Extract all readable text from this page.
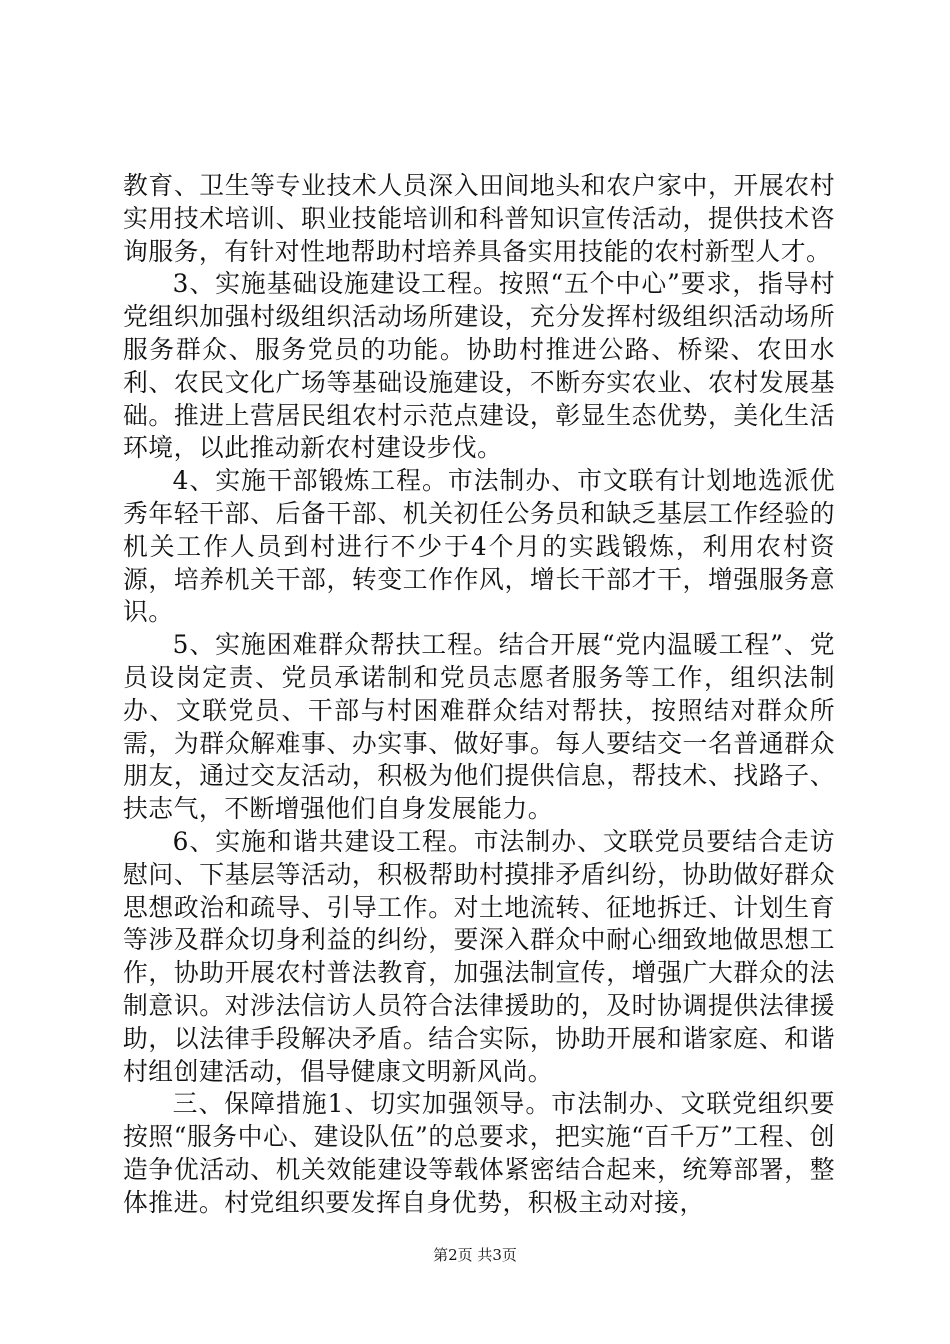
教育、卫生等专业技术人员深入田间地头和农户家中，开展农村实用技术培训、职业技能培训和科普知识宣传活动，提供技术咨询服务，有针对性地帮助村培养具备实用技能的农村新型人才。

3、实施基础设施建设工程。按照“五个中心”要求，指导村党组织加强村级组织活动场所建设，充分发挥村级组织活动场所服务群众、服务党员的功能。协助村推进公路、桥梁、农田水利、农民文化广场等基础设施建设，不断夯实农业、农村发展基础。推进上营居民组农村示范点建设，彰显生态优势，美化生活环境，以此推动新农村建设步伐。

4、实施干部锻炼工程。市法制办、市文联有计划地选派优秀年轻干部、后备干部、机关初任公务员和缺乏基层工作经验的机关工作人员到村进行不少于4个月的实践锻炼，利用农村资源，培养机关干部，转变工作作风，增长干部才干，增强服务意识。

5、实施困难群众帮扶工程。结合开展“党内温暖工程”、党员设岗定责、党员承诺制和党员志愿者服务等工作，组织法制办、文联党员、干部与村困难群众结对帮扶，按照结对群众所需，为群众解难事、办实事、做好事。每人要结交一名普通群众朋友，通过交友活动，积极为他们提供信息，帮技术、找路子、扶志气，不断增强他们自身发展能力。

6、实施和谐共建设工程。市法制办、文联党员要结合走访慰问、下基层等活动，积极帮助村摸排矛盾纠纷，协助做好群众思想政治和疏导、引导工作。对土地流转、征地拆迁、计划生育等涉及群众切身利益的纠纷，要深入群众中耐心细致地做思想工作，协助开展农村普法教育，加强法制宣传，增强广大群众的法制意识。对涉法信访人员符合法律援助的，及时协调提供法律援助，以法律手段解决矛盾。结合实际，协助开展和谐家庭、和谐村组创建活动，倡导健康文明新风尚。

三、保障措施1、切实加强领导。市法制办、文联党组织要按照“服务中心、建设队伍”的总要求，把实施“百千万”工程、创造争优活动、机关效能建设等载体紧密结合起来，统筹部署，整体推进。村党组织要发挥自身优势，积极主动对接，

第2页 共3页
